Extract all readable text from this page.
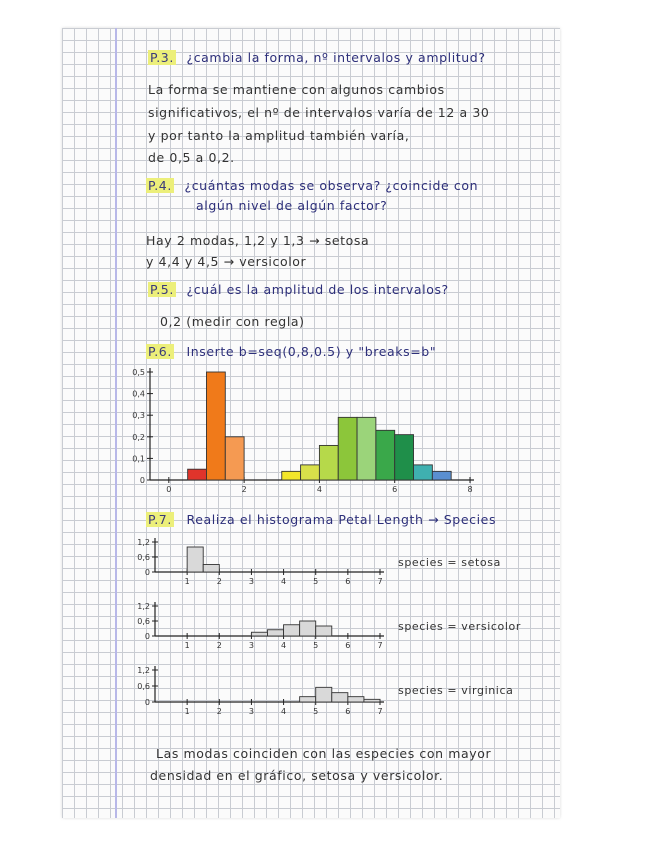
P.3. ¿cambia la forma, nº intervalos y amplitud?
La forma se mantiene con algunos cambios
significativos, el nº de intervalos varía de 12 a 30
y por tanto la amplitud también varía,
de 0,5 a 0,2.
P.4. ¿cuántas modas se observa? ¿coincide con
algún nivel de algún factor?
Hay 2 modas, 1,2 y 1,3 → setosa
y 4,4 y 4,5 → versicolor
P.5. ¿cuál es la amplitud de los intervalos?
0,2 (medir con regla)
P.6. Inserte b=seq(0,8,0.5) y "breaks=b"
0,5
0,4
0,3
0,2
0,1
0
0	2	4	6	8
P.7. Realiza el histograma Petal Length → Species
1,2
0,6
0
1	2	3	4	5	6	7
species = setosa
1,2
0,6
0
1	2	3	4	5	6	7
species = versicolor
1,2
0,6
0
1	2	3	4	5	6	7
species = virginica
Las modas coinciden con las especies con mayor
densidad en el gráfico, setosa y versicolor.
